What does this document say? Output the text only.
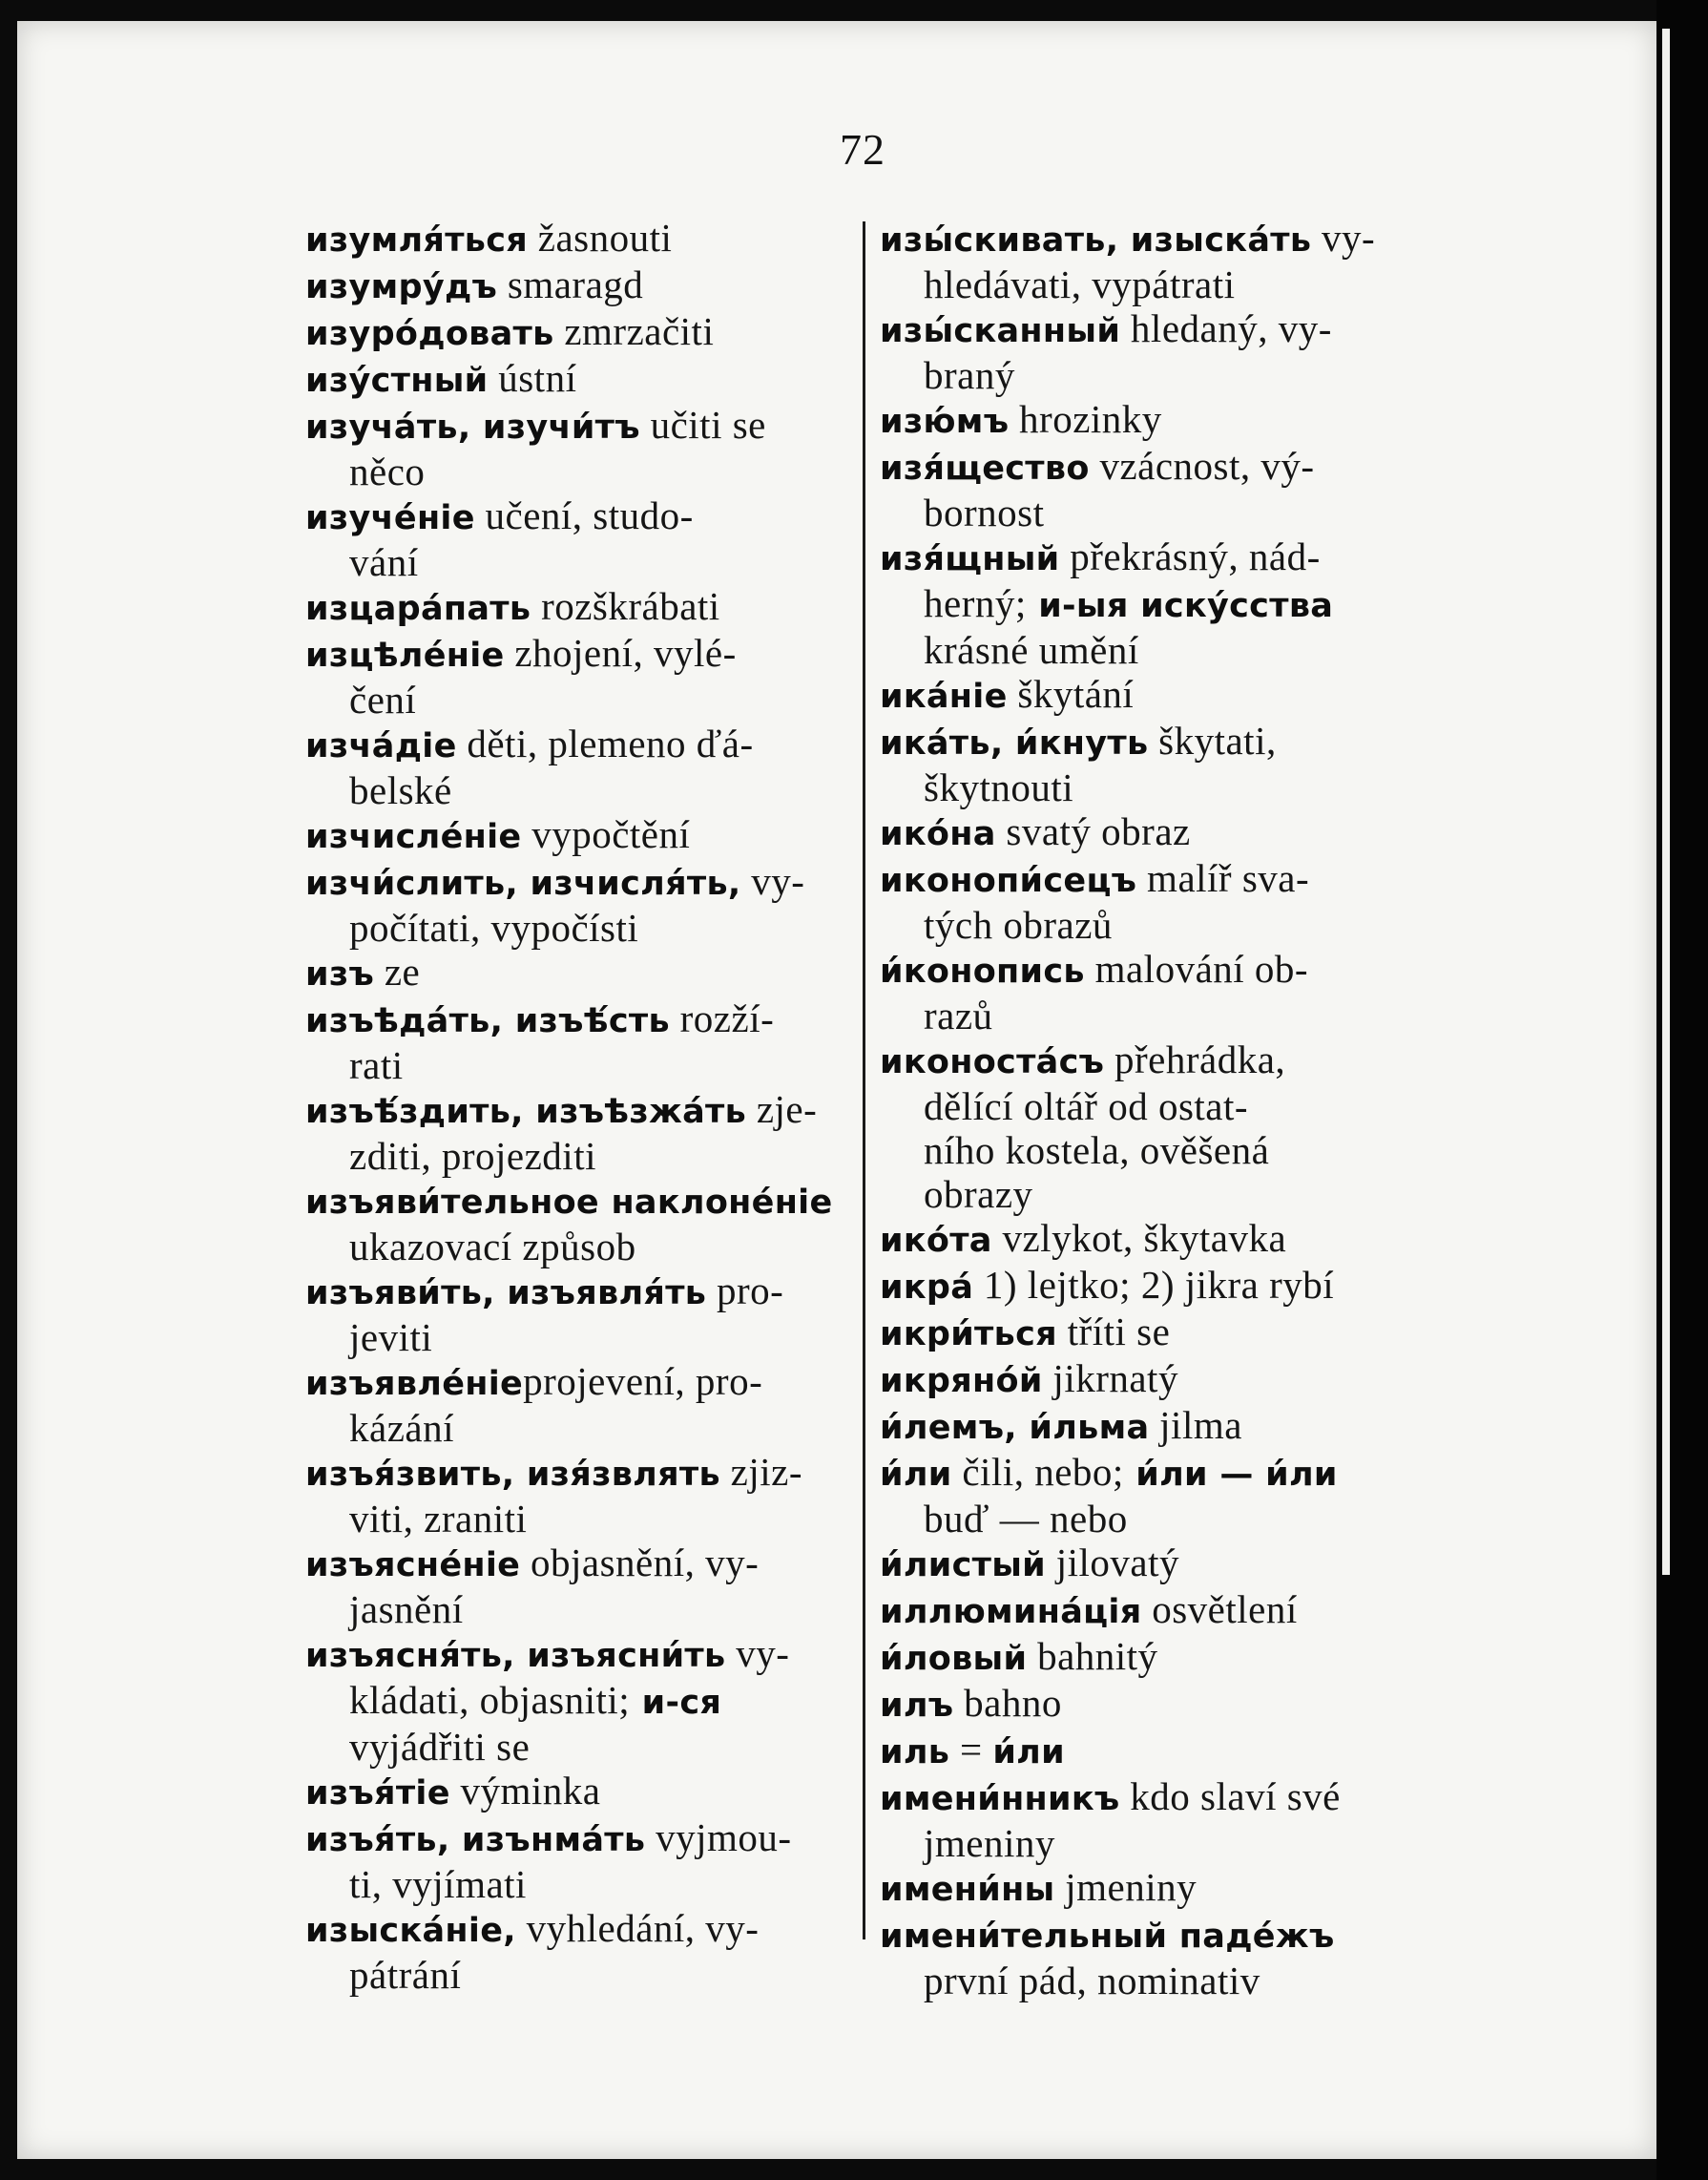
72
изумля́ться žasnouti
изумру́дъ smaragd
изуро́довать zmrzačiti
изу́стный ústní
изуча́ть, изучи́тъ učiti se
něco
изуче́нie učení, studo-
vání
изцара́пать rozškrábati
изцѣле́нie zhojení, vylé-
čení
изча́дie děti, plemeno ďá-
belské
изчисле́нie vypočtění
изчи́слить, изчисля́ть, vy-
počítati, vypočísti
изъ ze
изъѣда́ть, изъѣ́сть rozží-
rati
изъѣ́здить, изъѣзжа́ть zje-
zditi, projezditi
изъяви́тельное наклоне́нie
ukazovací způsob
изъяви́ть, изъявля́ть pro-
jeviti
изъявле́нieprojevení, pro-
kázání
изъя́звить, изя́звлять zjiz-
viti, zraniti
изъясне́нie objasnění, vy-
jasnění
изъясня́ть, изъясни́ть vy-
kládati, objasniti; и-ся
vyjádřiti se
изъя́тie výminka
изъя́ть, изънма́ть vyjmou-
ti, vyjímati
изыска́нie, vyhledání, vy-
pátrání
изы́скивать, изыска́ть vy-
hledávati, vypátrati
изы́сканный hledaný, vy-
braný
изю́мъ hrozinky
изя́щество vzácnost, vý-
bornost
изя́щный překrásný, nád-
herný; и-ыя иску́сства
krásné umění
ика́нie škytání
ика́ть, и́кнуть škytati,
škytnouti
ико́на svatý obraz
иконопи́сецъ malíř sva-
tých obrazů
и́конопись malování ob-
razů
иконоста́съ přehrádka,
dělící oltář od ostat-
ního kostela, ověšená
obrazy
ико́та vzlykot, škytavka
икра́ 1) lejtko; 2) jikra rybí
икри́ться tříti se
икряно́й jikrnatý
и́лемъ, и́льма jilma
и́ли čili, nebo; и́ли — и́ли
buď — nebo
и́листый jilovatý
иллюмина́цiя osvětlení
и́ловый bahnitý
илъ bahno
иль = и́ли
имени́нникъ kdo slaví své
jmeniny
имени́ны jmeniny
имени́тельный паде́жъ
první pád, nominativ
